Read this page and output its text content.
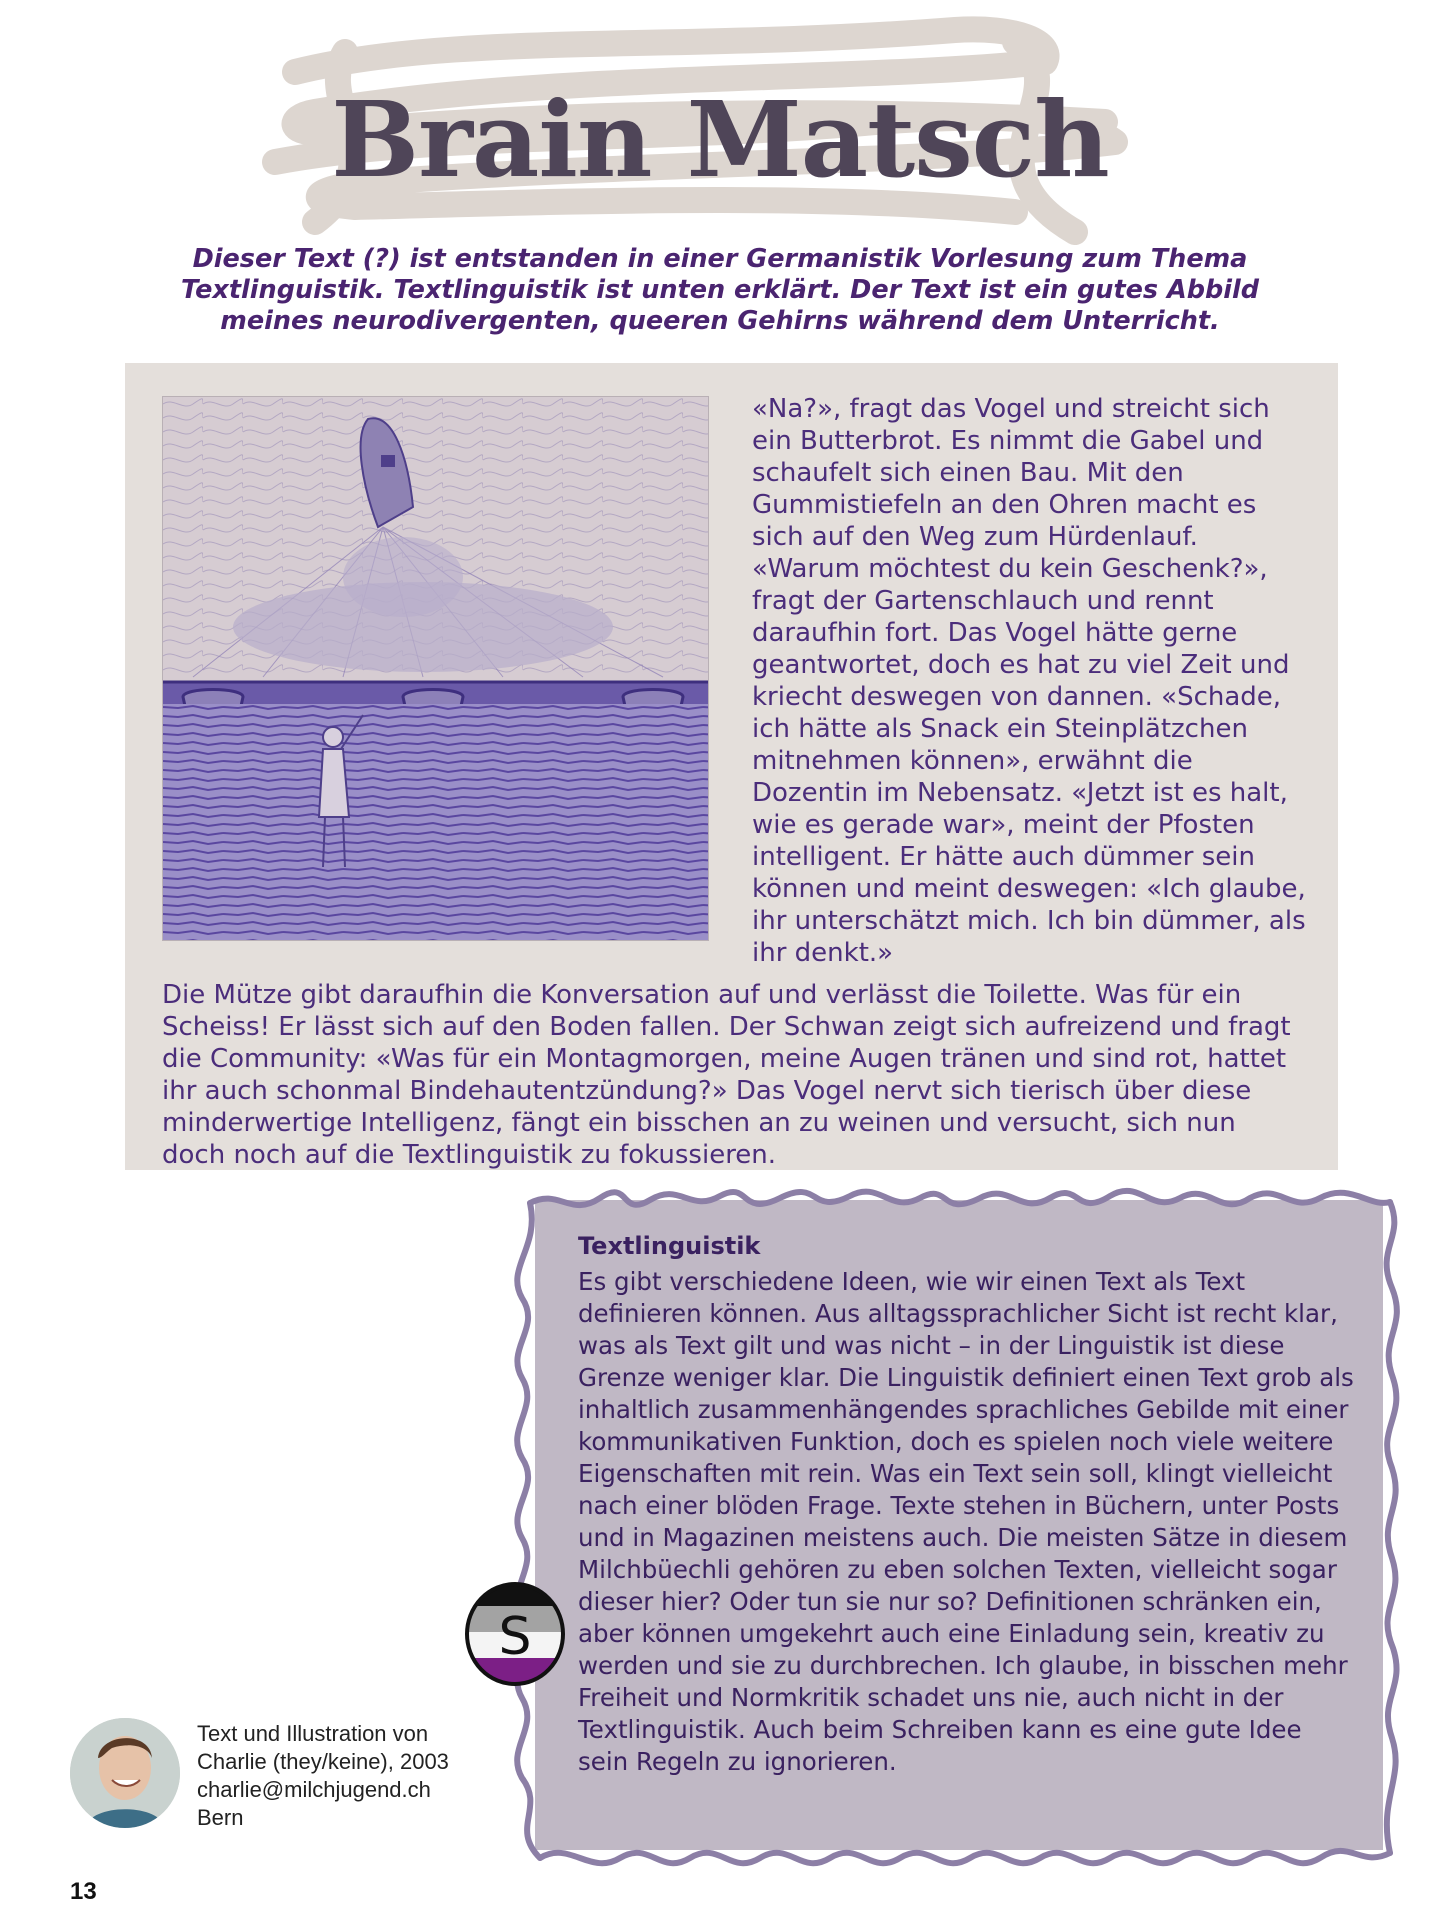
Brain Matsch

Dieser Text (?) ist entstanden in einer Germanistik Vorlesung zum Thema Textlinguistik. Textlinguistik ist unten erklärt. Der Text ist ein gutes Abbild meines neurodivergenten, queeren Gehirns während dem Unterricht.

«Na?», fragt das Vogel und streicht sich ein Butterbrot. Es nimmt die Gabel und schaufelt sich einen Bau. Mit den Gummistiefeln an den Ohren macht es sich auf den Weg zum Hürdenlauf. «Warum möchtest du kein Geschenk?», fragt der Gartenschlauch und rennt daraufhin fort. Das Vogel hätte gerne geantwortet, doch es hat zu viel Zeit und kriecht deswegen von dannen. «Schade, ich hätte als Snack ein Steinplätzchen mitnehmen können», erwähnt die Dozentin im Nebensatz. «Jetzt ist es halt, wie es gerade war», meint der Pfosten intelligent. Er hätte auch dümmer sein können und meint deswegen: «Ich glaube, ihr unterschätzt mich. Ich bin dümmer, als ihr denkt.»

Die Mütze gibt daraufhin die Konversation auf und verlässt die Toilette. Was für ein Scheiss! Er lässt sich auf den Boden fallen. Der Schwan zeigt sich aufreizend und fragt die Community: «Was für ein Montagmorgen, meine Augen tränen und sind rot, hattet ihr auch schonmal Bindehautentzündung?» Das Vogel nervt sich tierisch über diese minderwertige Intelligenz, fängt ein bisschen an zu weinen und versucht, sich nun doch noch auf die Textlinguistik zu fokussieren.

Textlinguistik

Es gibt verschiedene Ideen, wie wir einen Text als Text definieren können. Aus alltagssprachlicher Sicht ist recht klar, was als Text gilt und was nicht – in der Linguistik ist diese Grenze weniger klar. Die Linguistik definiert einen Text grob als inhaltlich zusammenhängendes sprachliches Gebilde mit einer kommunikativen Funktion, doch es spielen noch viele weitere Eigenschaften mit rein. Was ein Text sein soll, klingt vielleicht nach einer blöden Frage. Texte stehen in Büchern, unter Posts und in Magazinen meistens auch. Die meisten Sätze in diesem Milchbüechli gehören zu eben solchen Texten, vielleicht sogar dieser hier? Oder tun sie nur so? Definitionen schränken ein, aber können umgekehrt auch eine Einladung sein, kreativ zu werden und sie zu durchbrechen. Ich glaube, in bisschen mehr Freiheit und Normkritik schadet uns nie, auch nicht in der Textlinguistik. Auch beim Schreiben kann es eine gute Idee sein Regeln zu ignorieren.

S

Text und Illustration von
Charlie (they/keine), 2003
charlie@milchjugend.ch
Bern

13
